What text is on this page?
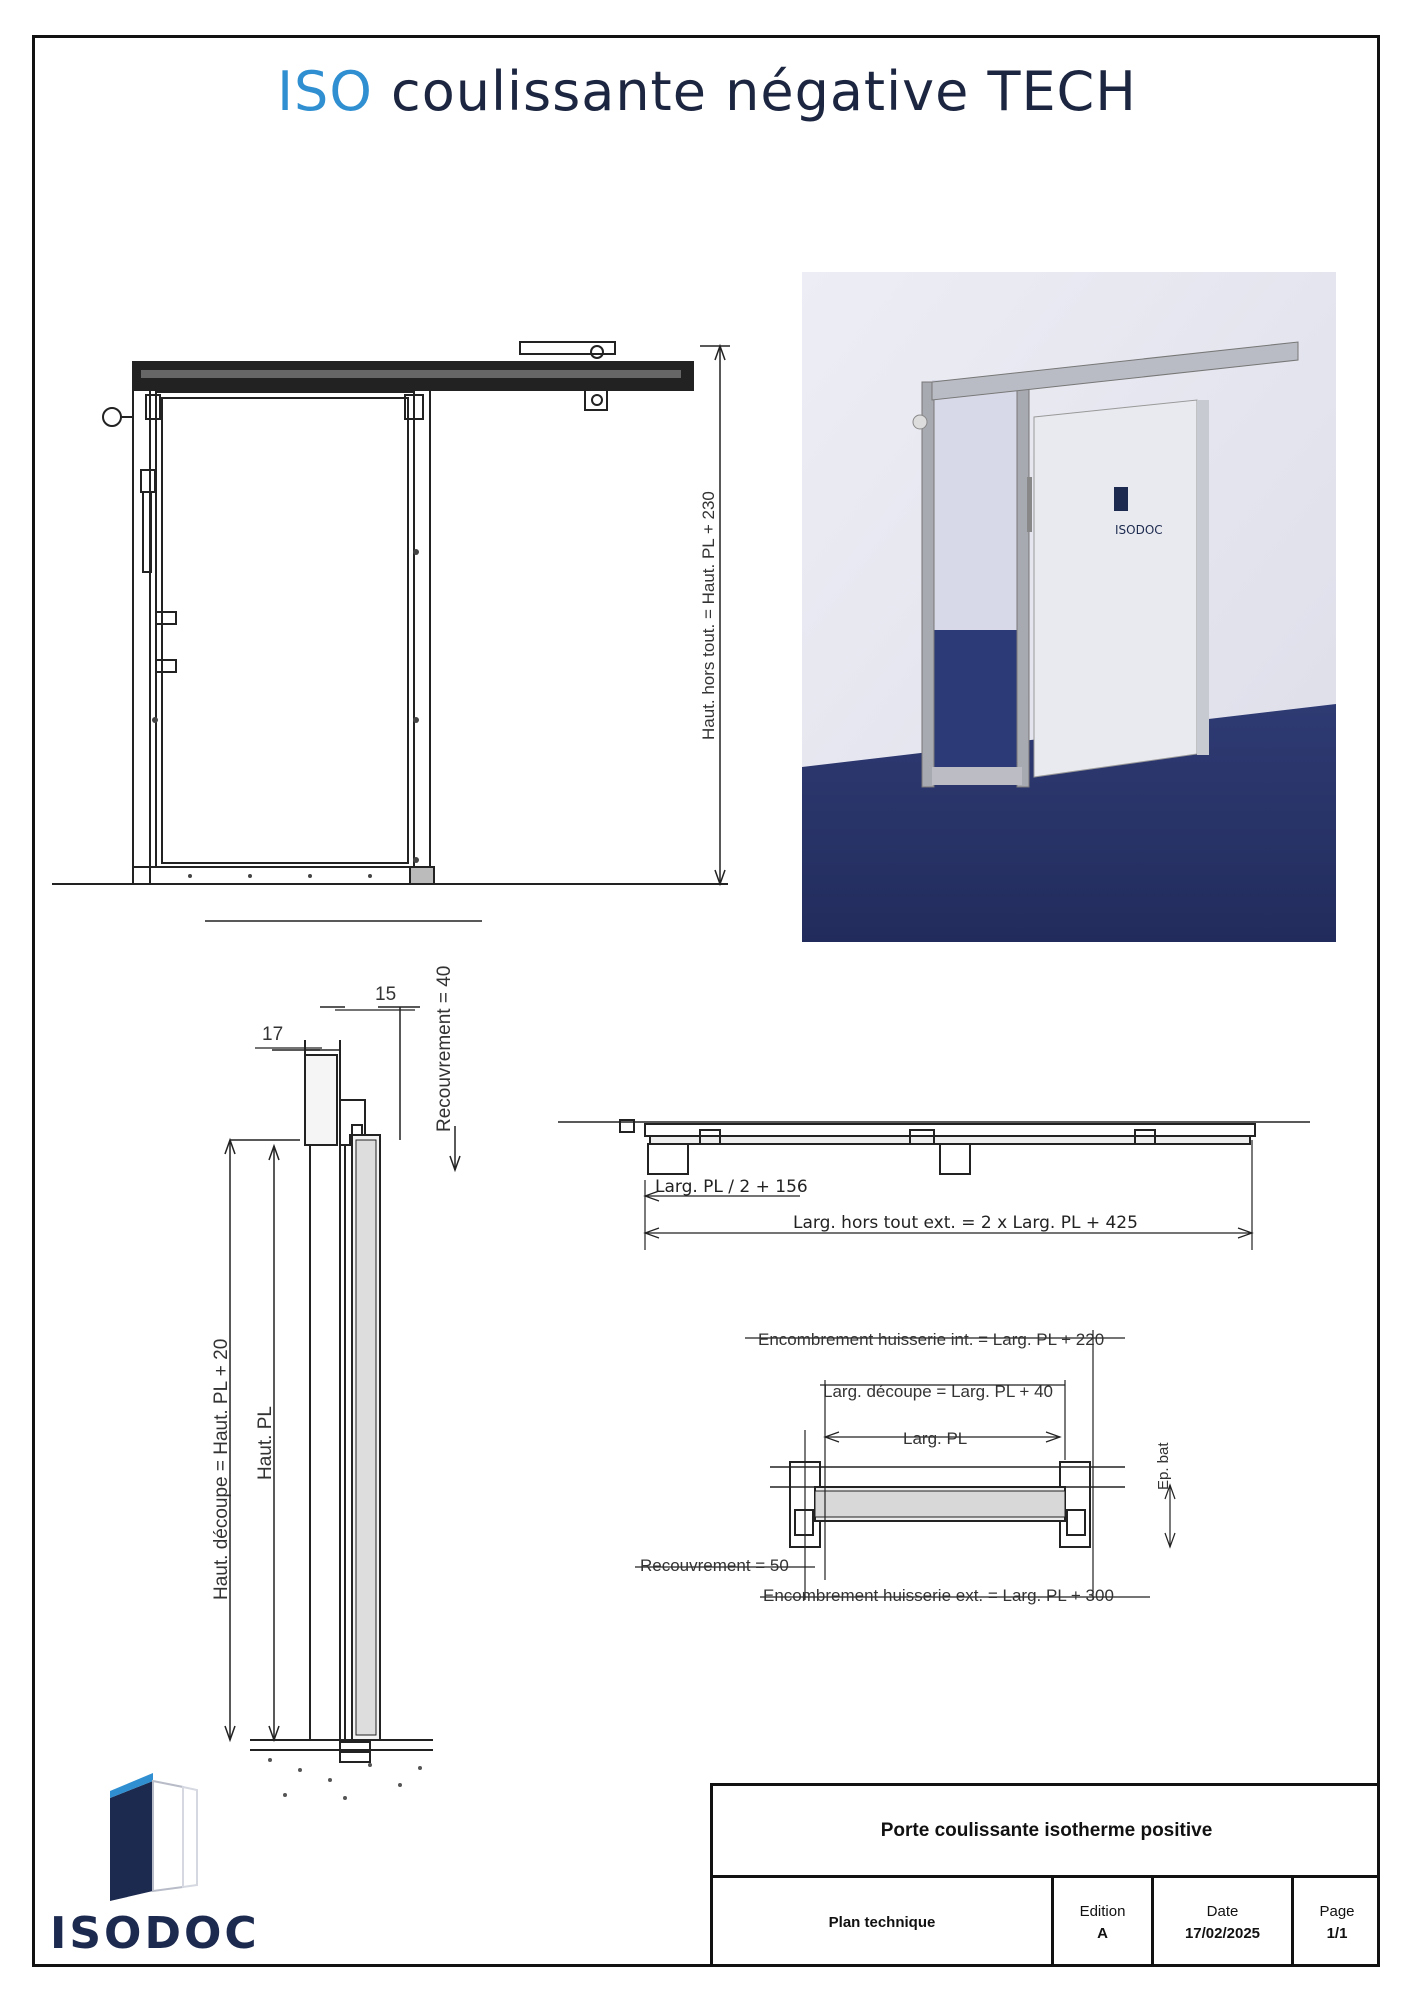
ISO coulissante négative TECH
Haut. hors tout. = Haut. PL + 230
15
17	Recouvrement = 40
Haut. découpe = Haut. PL + 20 Haut. PL
Larg. PL / 2 + 156
Larg. hors tout ext. = 2 x Larg. PL + 425
Encombrement huisserie int. = Larg. PL + 220
Larg. découpe = Larg. PL + 40
Larg. PL
Ep. bat
Recouvrement = 50
Encombrement huisserie ext. = Larg. PL + 300
ISODOC
ISODOC
Porte coulissante isotherme positive
Plan technique
Edition
A
Date
17/02/2025
Page
1/1
